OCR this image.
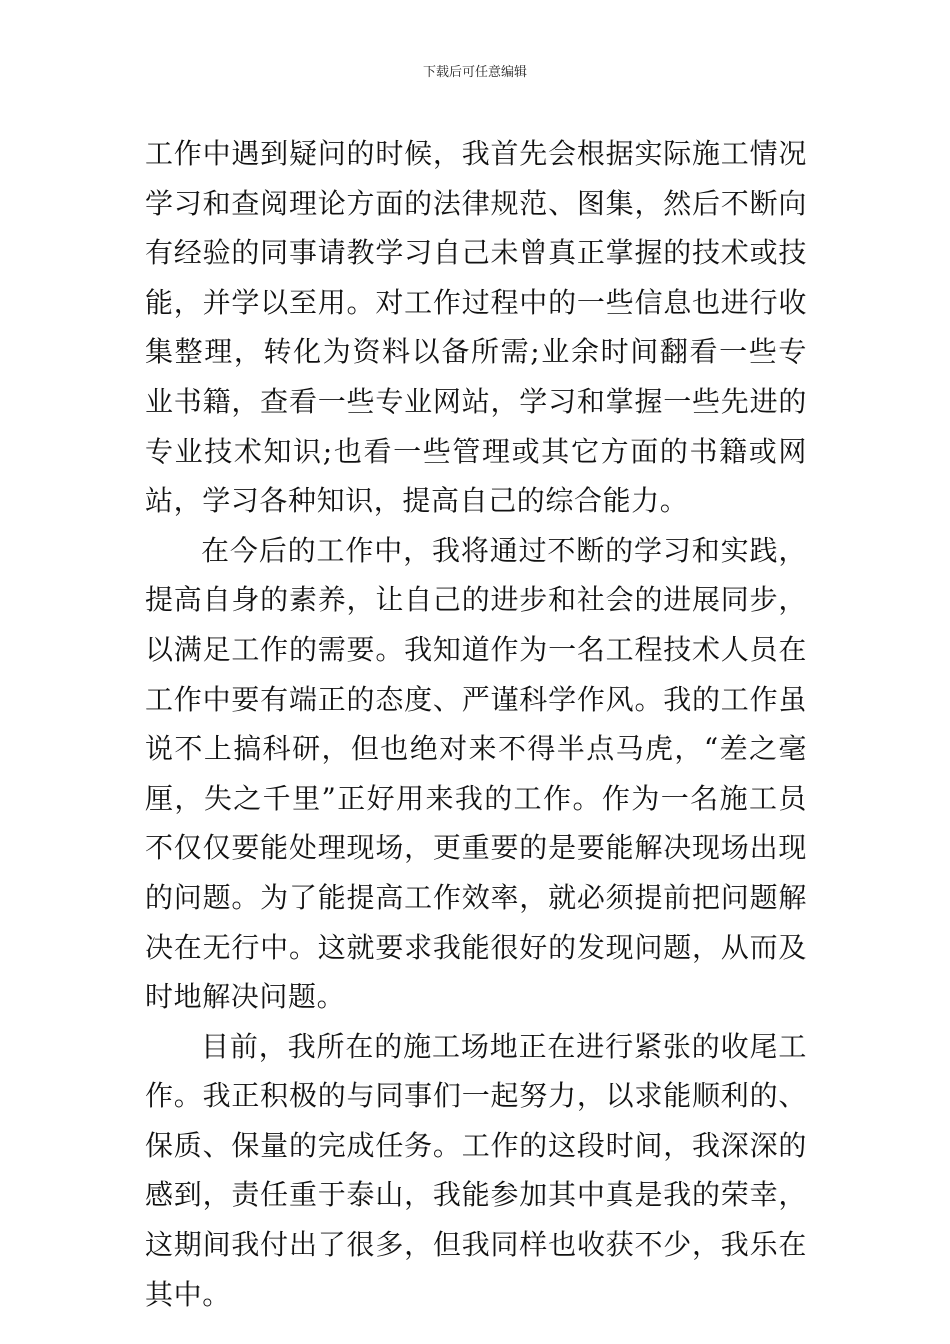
下载后可任意编辑

工作中遇到疑问的时候，我首先会根据实际施工情况学习和查阅理论方面的法律规范、图集，然后不断向有经验的同事请教学习自己未曾真正掌握的技术或技能，并学以至用。对工作过程中的一些信息也进行收集整理，转化为资料以备所需;业余时间翻看一些专业书籍，查看一些专业网站，学习和掌握一些先进的专业技术知识;也看一些管理或其它方面的书籍或网站，学习各种知识，提高自己的综合能力。

在今后的工作中，我将通过不断的学习和实践，提高自身的素养，让自己的进步和社会的进展同步，以满足工作的需要。我知道作为一名工程技术人员在工作中要有端正的态度、严谨科学作风。我的工作虽说不上搞科研，但也绝对来不得半点马虎，“差之毫厘，失之千里”正好用来我的工作。作为一名施工员不仅仅要能处理现场，更重要的是要能解决现场出现的问题。为了能提高工作效率，就必须提前把问题解决在无行中。这就要求我能很好的发现问题，从而及时地解决问题。

目前，我所在的施工场地正在进行紧张的收尾工作。我正积极的与同事们一起努力，以求能顺利的、保质、保量的完成任务。工作的这段时间，我深深的感到，责任重于泰山，我能参加其中真是我的荣幸，这期间我付出了很多，但我同样也收获不少，我乐在其中。
